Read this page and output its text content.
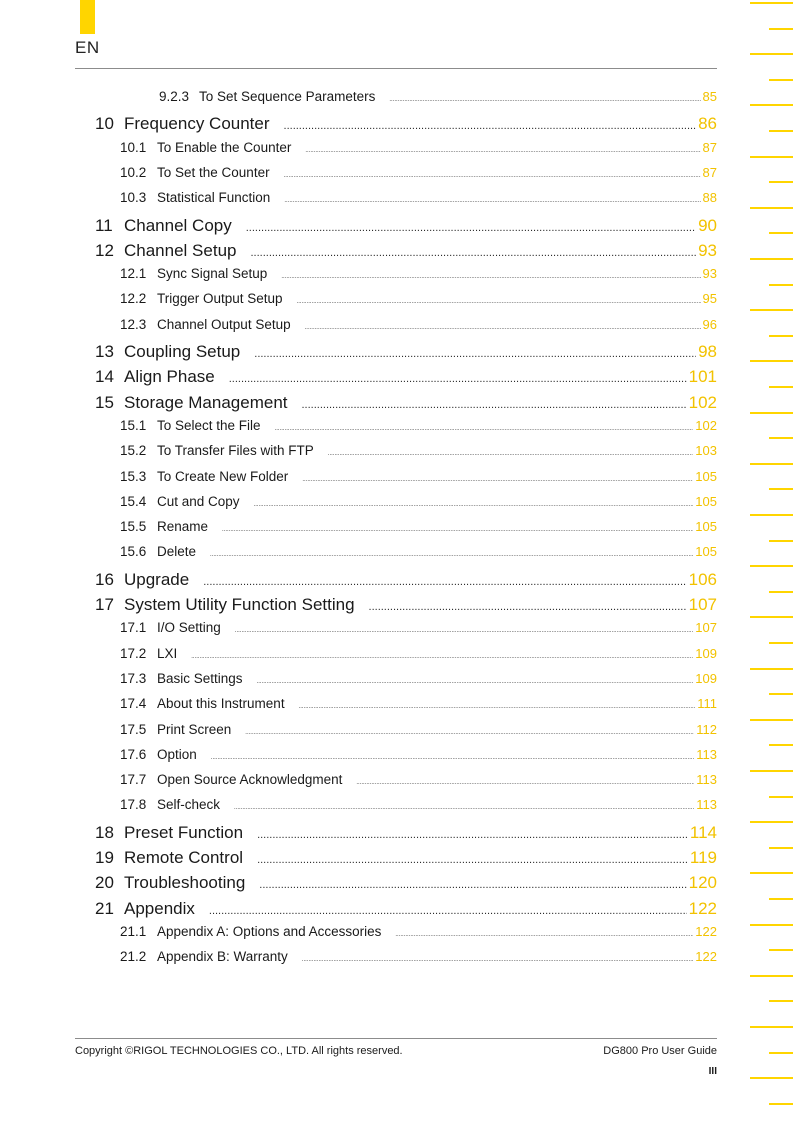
EN
9.2.3 To Set Sequence Parameters .....	85
10 Frequency Counter .....	86
10.1 To Enable the Counter .....	87
10.2 To Set the Counter .....	87
10.3 Statistical Function .....	88
11 Channel Copy .....	90
12 Channel Setup .....	93
12.1 Sync Signal Setup .....	93
12.2 Trigger Output Setup .....	95
12.3 Channel Output Setup .....	96
13 Coupling Setup .....	98
14 Align Phase .....	101
15 Storage Management .....	102
15.1 To Select the File .....	102
15.2 To Transfer Files with FTP .....	103
15.3 To Create New Folder .....	105
15.4 Cut and Copy .....	105
15.5 Rename .....	105
15.6 Delete .....	105
16 Upgrade .....	106
17 System Utility Function Setting .....	107
17.1 I/O Setting .....	107
17.2 LXI .....	109
17.3 Basic Settings .....	109
17.4 About this Instrument .....	111
17.5 Print Screen .....	112
17.6 Option .....	113
17.7 Open Source Acknowledgment .....	113
17.8 Self-check .....	113
18 Preset Function .....	114
19 Remote Control .....	119
20 Troubleshooting .....	120
21 Appendix .....	122
21.1 Appendix A: Options and Accessories .....	122
21.2 Appendix B: Warranty .....	122
Copyright ©RIGOL TECHNOLOGIES CO., LTD. All rights reserved.	DG800 Pro User Guide
III
